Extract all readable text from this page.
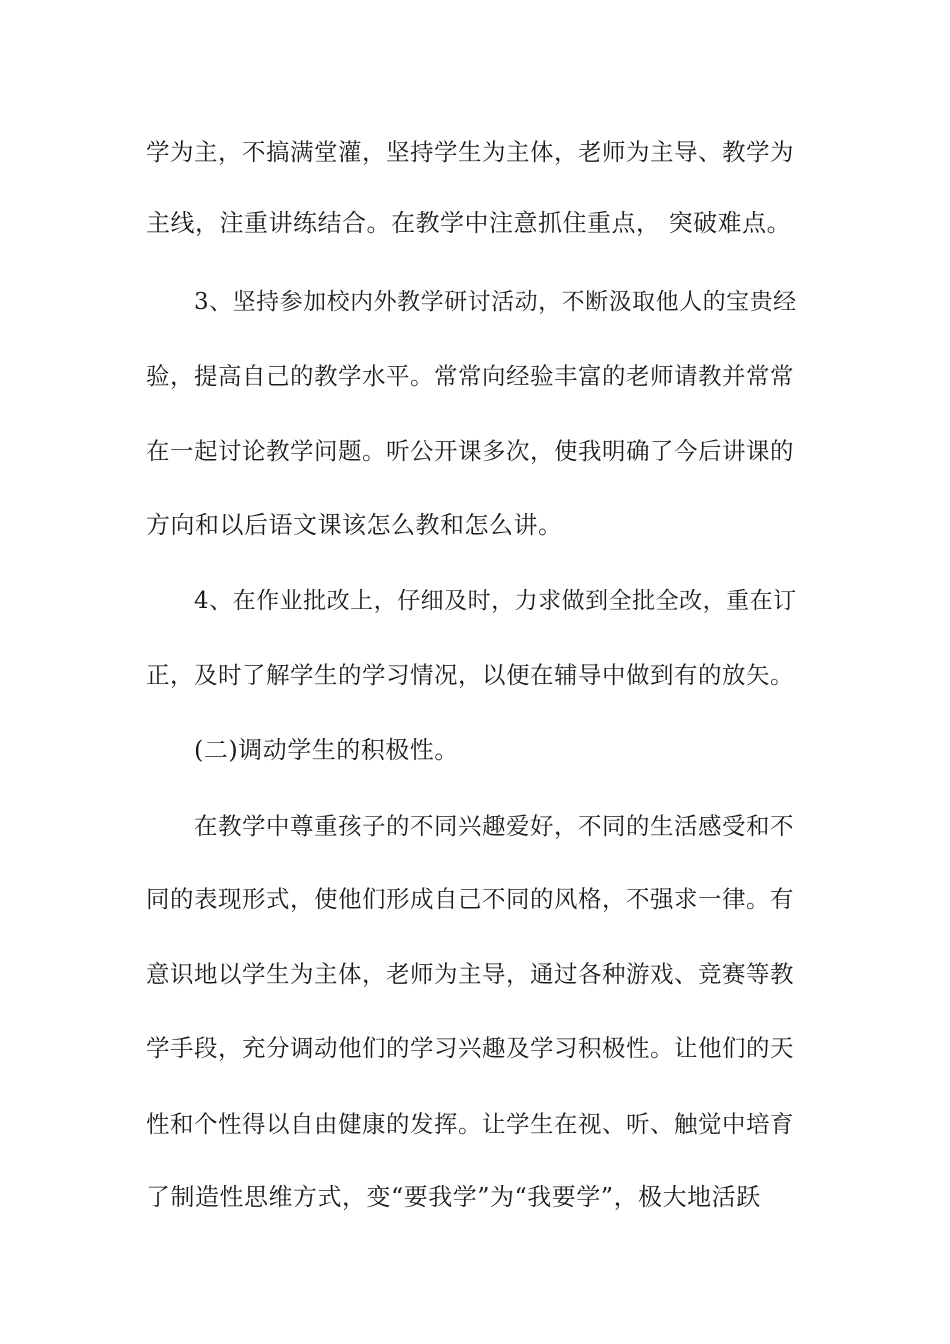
学为主，不搞满堂灌，坚持学生为主体，老师为主导、教学为
主线，注重讲练结合。在教学中注意抓住重点， 突破难点。
3、坚持参加校内外教学研讨活动，不断汲取他人的宝贵经
验，提高自己的教学水平。常常向经验丰富的老师请教并常常
在一起讨论教学问题。听公开课多次，使我明确了今后讲课的
方向和以后语文课该怎么教和怎么讲。
4、在作业批改上，仔细及时，力求做到全批全改，重在订
正，及时了解学生的学习情况，以便在辅导中做到有的放矢。
(二)调动学生的积极性。
在教学中尊重孩子的不同兴趣爱好，不同的生活感受和不
同的表现形式，使他们形成自己不同的风格，不强求一律。有
意识地以学生为主体，老师为主导，通过各种游戏、竞赛等教
学手段，充分调动他们的学习兴趣及学习积极性。让他们的天
性和个性得以自由健康的发挥。让学生在视、听、触觉中培育
了制造性思维方式，变“要我学”为“我要学”，极大地活跃
